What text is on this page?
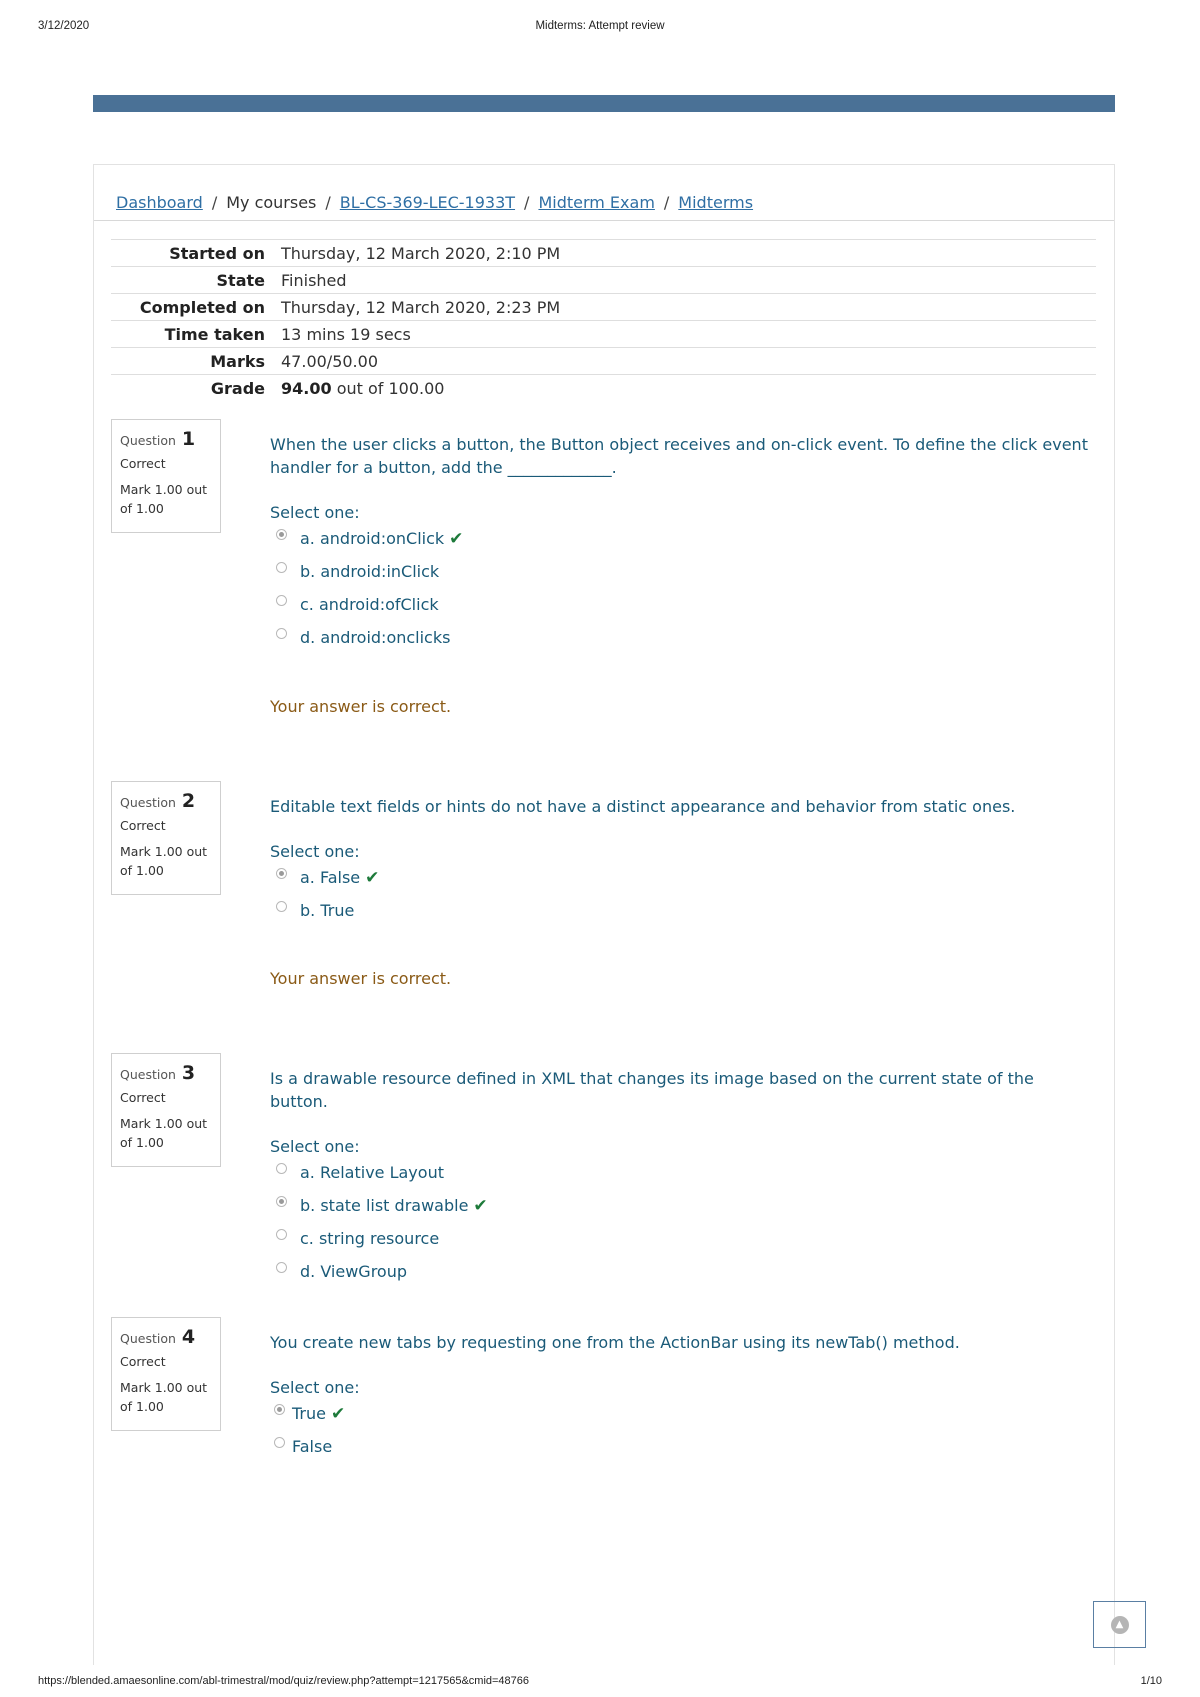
3/12/2020	Midterms: Attempt review
Dashboard / My courses / BL-CS-369-LEC-1933T / Midterm Exam / Midterms
Started on	Thursday, 12 March 2020, 2:10 PM
State	Finished
Completed on	Thursday, 12 March 2020, 2:23 PM
Time taken	13 mins 19 secs
Marks	47.00/50.00
Grade	94.00 out of 100.00
Question 1
Correct
Mark 1.00 out of 1.00
When the user clicks a button, the Button object receives and on-click event. To define the click event handler for a button, add the _____________.
Select one:
a. android:onClick ✔
b. android:inClick
c. android:ofClick
d. android:onclicks
Your answer is correct.
Question 2
Correct
Mark 1.00 out of 1.00
Editable text fields or hints do not have a distinct appearance and behavior from static ones.
Select one:
a. False ✔
b. True
Your answer is correct.
Question 3
Correct
Mark 1.00 out of 1.00
Is a drawable resource defined in XML that changes its image based on the current state of the button.
Select one:
a. Relative Layout
b. state list drawable ✔
c. string resource
d. ViewGroup
Question 4
Correct
Mark 1.00 out of 1.00
You create new tabs by requesting one from the ActionBar using its newTab() method.
Select one:
True ✔
False
▲
https://blended.amaesonline.com/abl-trimestral/mod/quiz/review.php?attempt=1217565&cmid=48766	1/10
